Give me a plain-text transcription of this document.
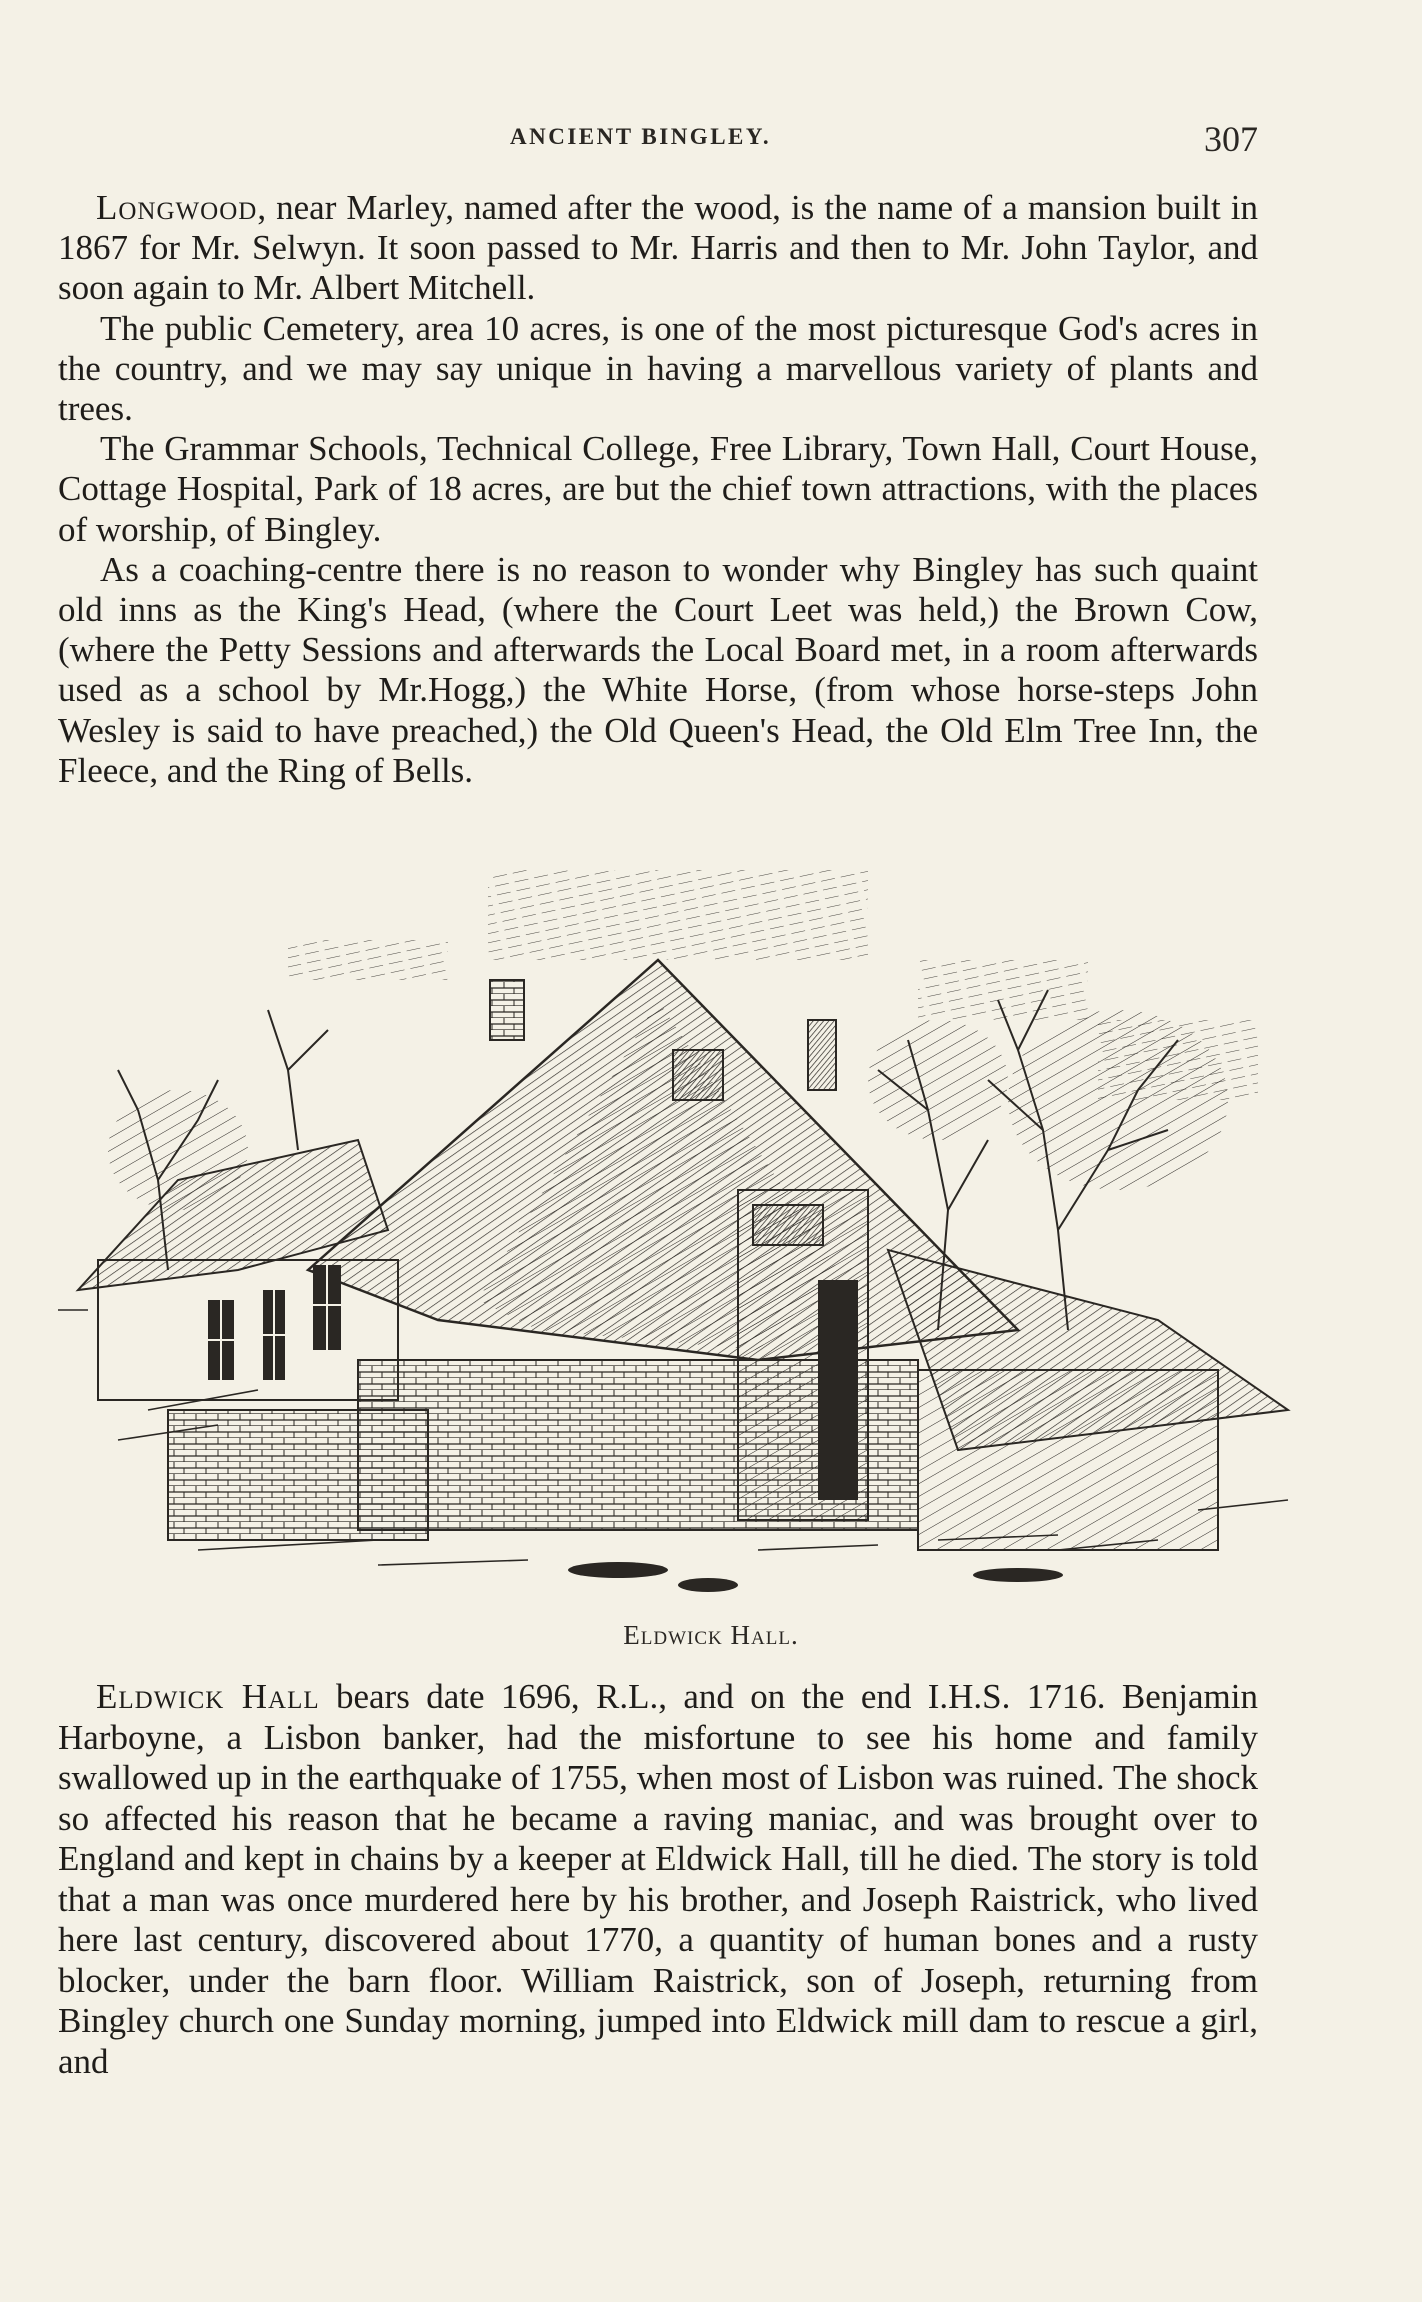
ANCIENT BINGLEY.	307

Longwood, near Marley, named after the wood, is the name of a mansion built in 1867 for Mr. Selwyn. It soon passed to Mr. Harris and then to Mr. John Taylor, and soon again to Mr. Albert Mitchell.

The public Cemetery, area 10 acres, is one of the most picturesque God's acres in the country, and we may say unique in having a marvellous variety of plants and trees.

The Grammar Schools, Technical College, Free Library, Town Hall, Court House, Cottage Hospital, Park of 18 acres, are but the chief town attractions, with the places of worship, of Bingley.

As a coaching-centre there is no reason to wonder why Bingley has such quaint old inns as the King's Head, (where the Court Leet was held,) the Brown Cow, (where the Petty Sessions and afterwards the Local Board met, in a room afterwards used as a school by Mr.Hogg,) the White Horse, (from whose horse-steps John Wesley is said to have preached,) the Old Queen's Head, the Old Elm Tree Inn, the Fleece, and the Ring of Bells.

Eldwick Hall.

Eldwick Hall bears date 1696, R.L., and on the end I.H.S. 1716. Benjamin Harboyne, a Lisbon banker, had the misfortune to see his home and family swallowed up in the earthquake of 1755, when most of Lisbon was ruined. The shock so affected his reason that he became a raving maniac, and was brought over to England and kept in chains by a keeper at Eldwick Hall, till he died. The story is told that a man was once murdered here by his brother, and Joseph Raistrick, who lived here last century, discovered about 1770, a quantity of human bones and a rusty blocker, under the barn floor. William Raistrick, son of Joseph, returning from Bingley church one Sunday morning, jumped into Eldwick mill dam to rescue a girl, and
